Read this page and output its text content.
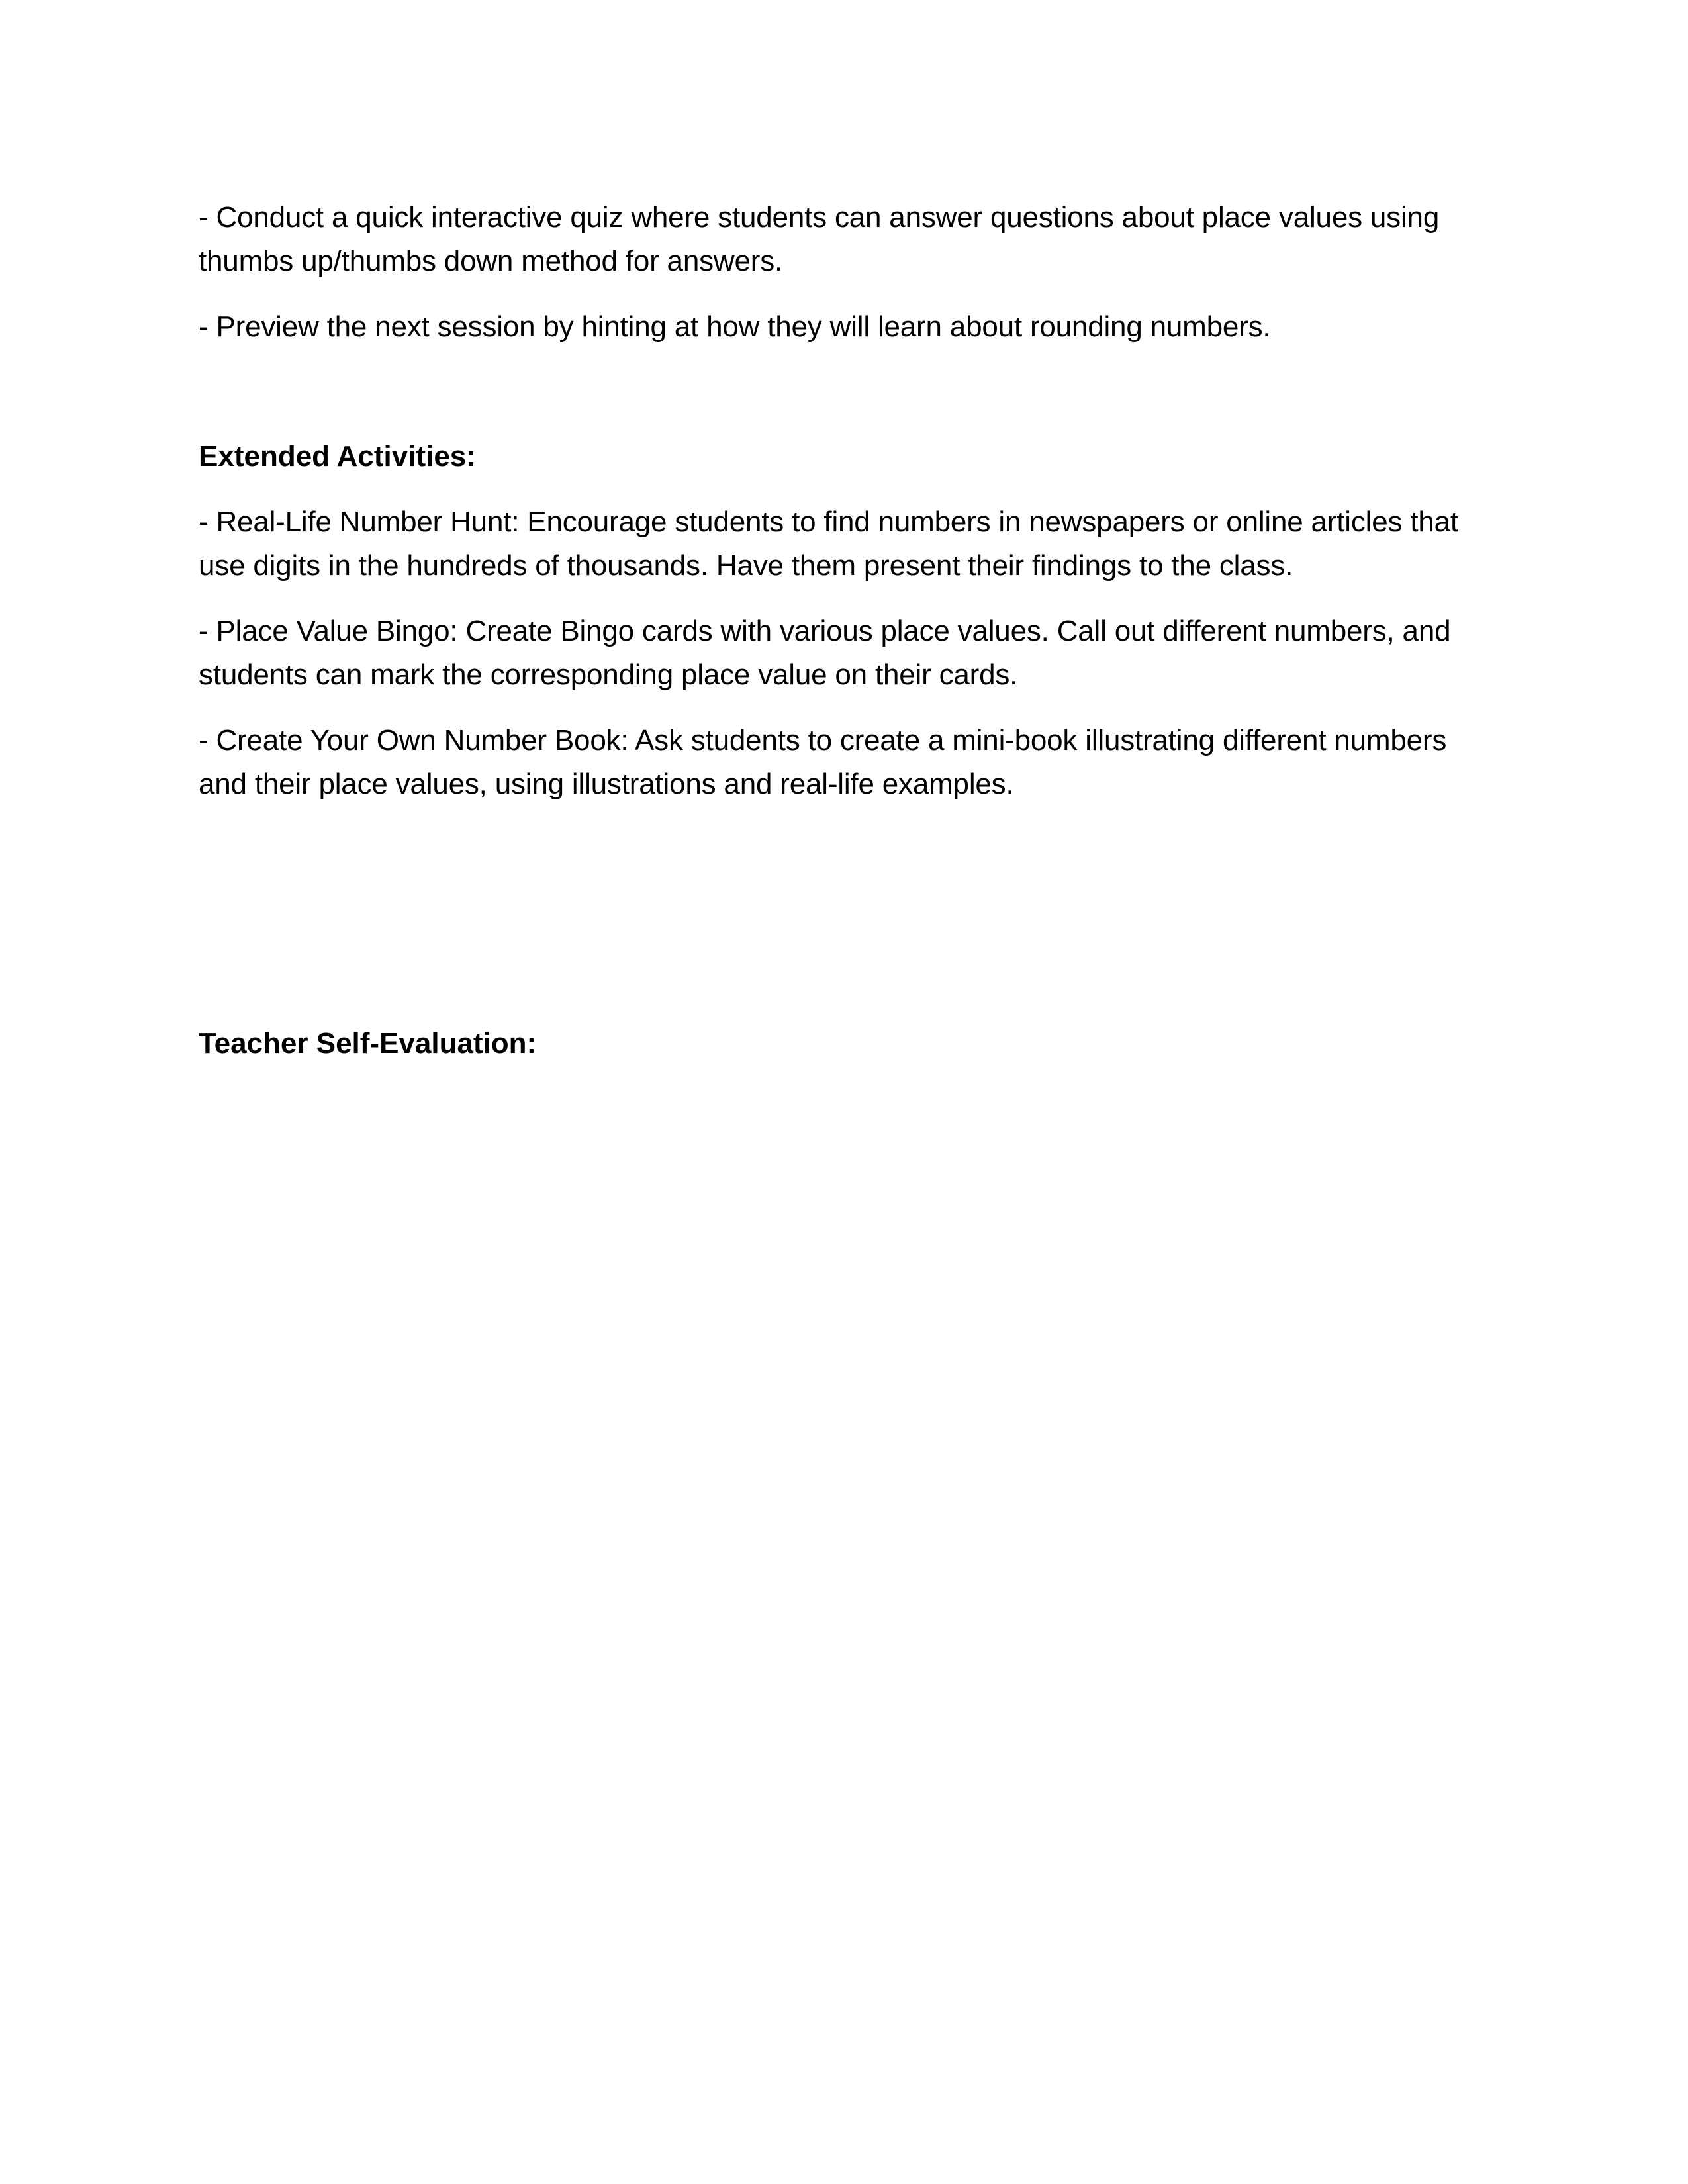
- Conduct a quick interactive quiz where students can answer questions about place values using thumbs up/thumbs down method for answers.

- Preview the next session by hinting at how they will learn about rounding numbers.

Extended Activities:

- Real-Life Number Hunt: Encourage students to find numbers in newspapers or online articles that use digits in the hundreds of thousands. Have them present their findings to the class.

- Place Value Bingo: Create Bingo cards with various place values. Call out different numbers, and students can mark the corresponding place value on their cards.

- Create Your Own Number Book: Ask students to create a mini-book illustrating different numbers and their place values, using illustrations and real-life examples.

Teacher Self-Evaluation:
